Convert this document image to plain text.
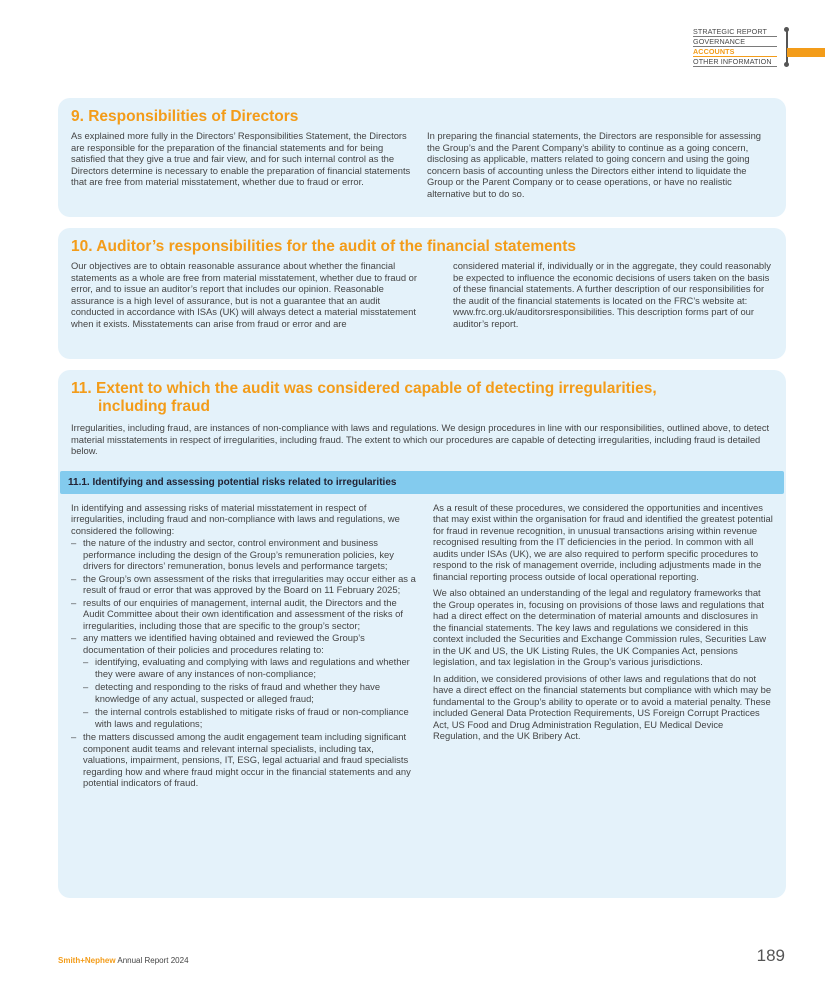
STRATEGIC REPORT
GOVERNANCE
ACCOUNTS
OTHER INFORMATION
9. Responsibilities of Directors
As explained more fully in the Directors’ Responsibilities Statement, the Directors are responsible for the preparation of the financial statements and for being satisfied that they give a true and fair view, and for such internal control as the Directors determine is necessary to enable the preparation of financial statements that are free from material misstatement, whether due to fraud or error.
In preparing the financial statements, the Directors are responsible for assessing the Group’s and the Parent Company’s ability to continue as a going concern, disclosing as applicable, matters related to going concern and using the going concern basis of accounting unless the Directors either intend to liquidate the Group or the Parent Company or to cease operations, or have no realistic alternative but to do so.
10. Auditor’s responsibilities for the audit of the financial statements
Our objectives are to obtain reasonable assurance about whether the financial statements as a whole are free from material misstatement, whether due to fraud or error, and to issue an auditor’s report that includes our opinion. Reasonable assurance is a high level of assurance, but is not a guarantee that an audit conducted in accordance with ISAs (UK) will always detect a material misstatement when it exists. Misstatements can arise from fraud or error and are
considered material if, individually or in the aggregate, they could reasonably be expected to influence the economic decisions of users taken on the basis of these financial statements. A further description of our responsibilities for the audit of the financial statements is located on the FRC’s website at: www.frc.org.uk/auditorsresponsibilities. This description forms part of our auditor’s report.
11. Extent to which the audit was considered capable of detecting irregularities,
including fraud

Irregularities, including fraud, are instances of non-compliance with laws and regulations. We design procedures in line with our responsibilities, outlined above, to detect material misstatements in respect of irregularities, including fraud. The extent to which our procedures are capable of detecting irregularities, including fraud is detailed below.

11.1. Identifying and assessing potential risks related to irregularities

In identifying and assessing risks of material misstatement in respect of irregularities, including fraud and non-compliance with laws and regulations, we considered the following:

– the nature of the industry and sector, control environment and business performance including the design of the Group’s remuneration policies, key drivers for directors’ remuneration, bonus levels and performance targets;
– the Group’s own assessment of the risks that irregularities may occur either as a result of fraud or error that was approved by the Board on 11 February 2025;
– results of our enquiries of management, internal audit, the Directors and the Audit Committee about their own identification and assessment of the risks of irregularities, including those that are specific to the group’s sector;
– any matters we identified having obtained and reviewed the Group’s documentation of their policies and procedures relating to:
– identifying, evaluating and complying with laws and regulations and whether they were aware of any instances of non-compliance;
– detecting and responding to the risks of fraud and whether they have knowledge of any actual, suspected or alleged fraud;
– the internal controls established to mitigate risks of fraud or non-compliance with laws and regulations;
– the matters discussed among the audit engagement team including significant component audit teams and relevant internal specialists, including tax, valuations, impairment, pensions, IT, ESG, legal actuarial and fraud specialists regarding how and where fraud might occur in the financial statements and any potential indicators of fraud.

As a result of these procedures, we considered the opportunities and incentives that may exist within the organisation for fraud and identified the greatest potential for fraud in revenue recognition, in unusual transactions arising within revenue recognised resulting from the IT deficiencies in the period. In common with all audits under ISAs (UK), we are also required to perform specific procedures to respond to the risk of management override, including adjustments made in the financial reporting process outside of local operational reporting.

We also obtained an understanding of the legal and regulatory frameworks that the Group operates in, focusing on provisions of those laws and regulations that had a direct effect on the determination of material amounts and disclosures in the financial statements. The key laws and regulations we considered in this context included the Securities and Exchange Commission rules, Securities Law in the UK and US, the UK Listing Rules, the UK Companies Act, pensions legislation, and tax legislation in the Group’s various jurisdictions.

In addition, we considered provisions of other laws and regulations that do not have a direct effect on the financial statements but compliance with which may be fundamental to the Group’s ability to operate or to avoid a material penalty. These included General Data Protection Requirements, US Foreign Corrupt Practices Act, US Food and Drug Administration Regulation, EU Medical Device Regulation, and the UK Bribery Act.

Smith+Nephew Annual Report 2024	189
